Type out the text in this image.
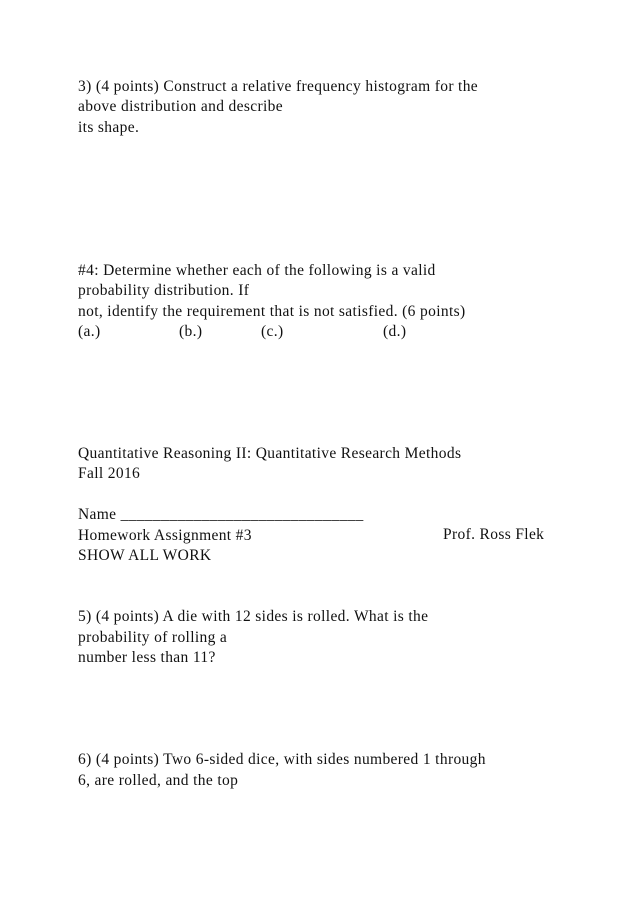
3) (4 points) Construct a relative frequency histogram for the
above distribution and describe
its shape.
#4: Determine whether each of the following is a valid
probability distribution. If
not, identify the requirement that is not satisfied. (6 points)

(a.)

	(b.)

	(c.)

	(d.)

Quantitative Reasoning II: Quantitative Research Methods
Fall 2016

Name ______________________________

Prof. Ross Flek

Homework Assignment #3
SHOW ALL WORK
5) (4 points) A die with 12 sides is rolled. What is the
probability of rolling a
number less than 11?
6) (4 points) Two 6-sided dice, with sides numbered 1 through
6, are rolled, and the top
